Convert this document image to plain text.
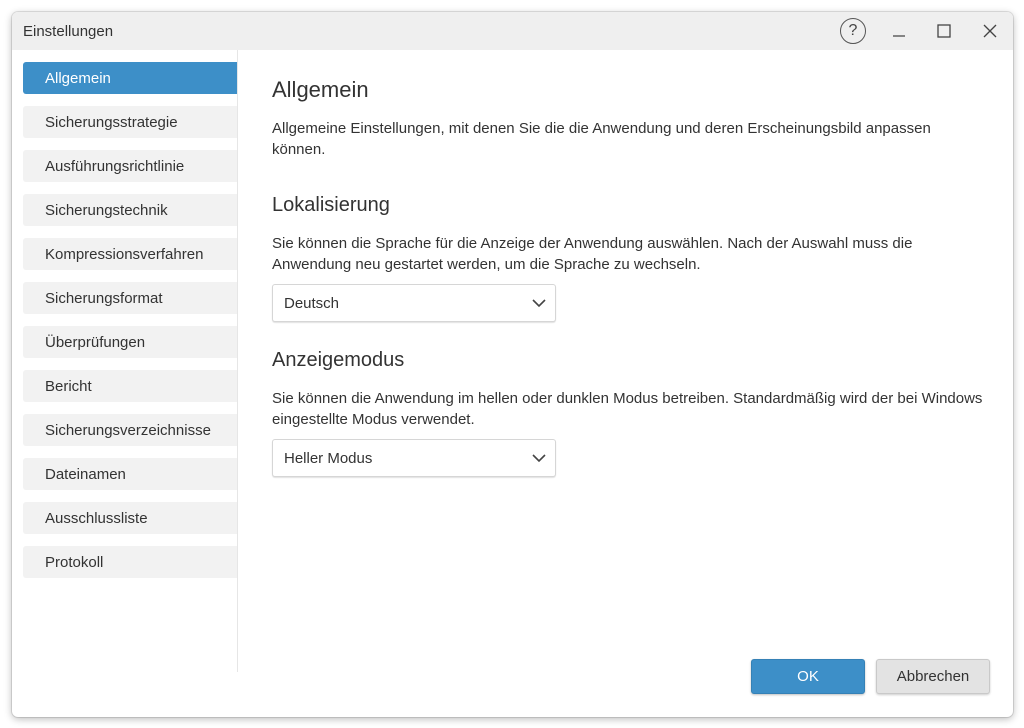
Einstellungen	?
Allgemein
Sicherungsstrategie
Ausführungsrichtlinie
Sicherungstechnik
Kompressionsverfahren
Sicherungsformat
Überprüfungen
Bericht
Sicherungsverzeichnisse
Dateinamen
Ausschlussliste
Protokoll
Allgemein

Allgemeine Einstellungen, mit denen Sie die die Anwendung und deren Erscheinungsbild anpassen können.

Lokalisierung

Sie können die Sprache für die Anzeige der Anwendung auswählen. Nach der Auswahl muss die Anwendung neu gestartet werden, um die Sprache zu wechseln.

Deutsch
Anzeigemodus

Sie können die Anwendung im hellen oder dunklen Modus betreiben. Standardmäßig wird der bei Windows eingestellte Modus verwendet.

Heller Modus
OK	Abbrechen
